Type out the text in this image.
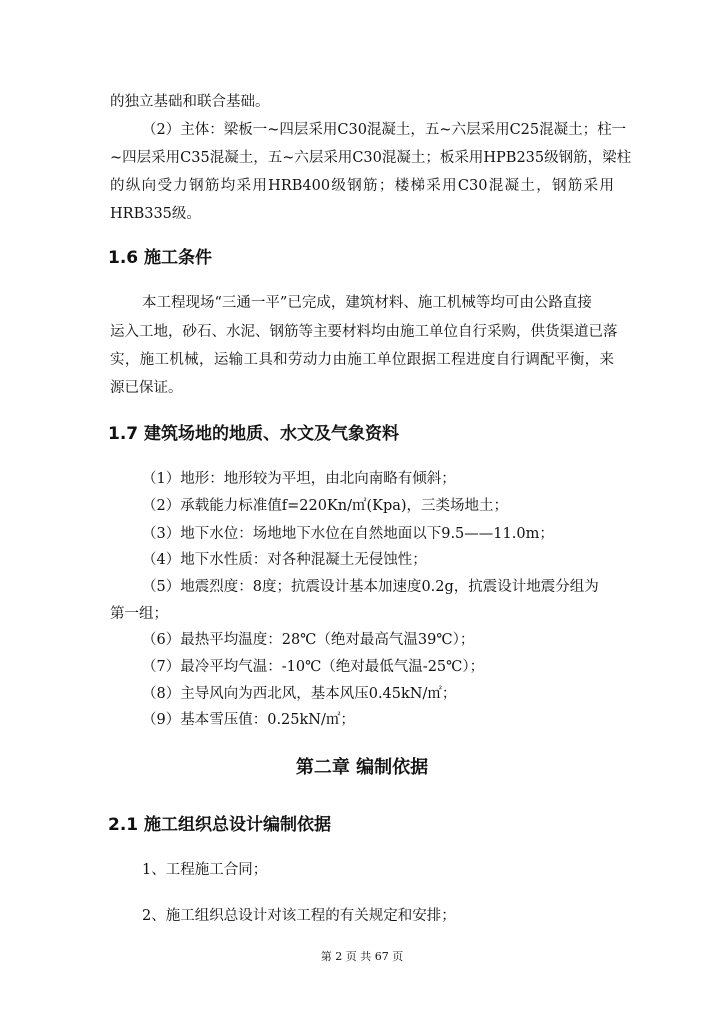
的独立基础和联合基础。
（2）主体：梁板一~四层采用C30混凝土，五~六层采用C25混凝土；柱一
~四层采用C35混凝土，五~六层采用C30混凝土；板采用HPB235级钢筋，梁柱
的纵向受力钢筋均采用HRB400级钢筋；楼梯采用C30混凝土，钢筋采用
HRB335级。
1.6 施工条件
本工程现场“三通一平”已完成，建筑材料、施工机械等均可由公路直接
运入工地，砂石、水泥、钢筋等主要材料均由施工单位自行采购，供货渠道已落
实，施工机械，运输工具和劳动力由施工单位跟据工程进度自行调配平衡，来
源已保证。
1.7 建筑场地的地质、水文及气象资料
（1）地形：地形较为平坦，由北向南略有倾斜；
（2）承载能力标准值f=220Kn/㎡(Kpa)，三类场地土；
（3）地下水位：场地地下水位在自然地面以下9.5——11.0m；
（4）地下水性质：对各种混凝土无侵蚀性；
（5）地震烈度：8度；抗震设计基本加速度0.2g，抗震设计地震分组为
第一组；
（6）最热平均温度：28℃（绝对最高气温39℃）；
（7）最冷平均气温：-10℃（绝对最低气温-25℃）；
（8）主导风向为西北风，基本风压0.45kN/㎡；
（9）基本雪压值：0.25kN/㎡；
第二章 编制依据
2.1 施工组织总设计编制依据
1、工程施工合同；
2、施工组织总设计对该工程的有关规定和安排；
第 2 页 共 67 页
